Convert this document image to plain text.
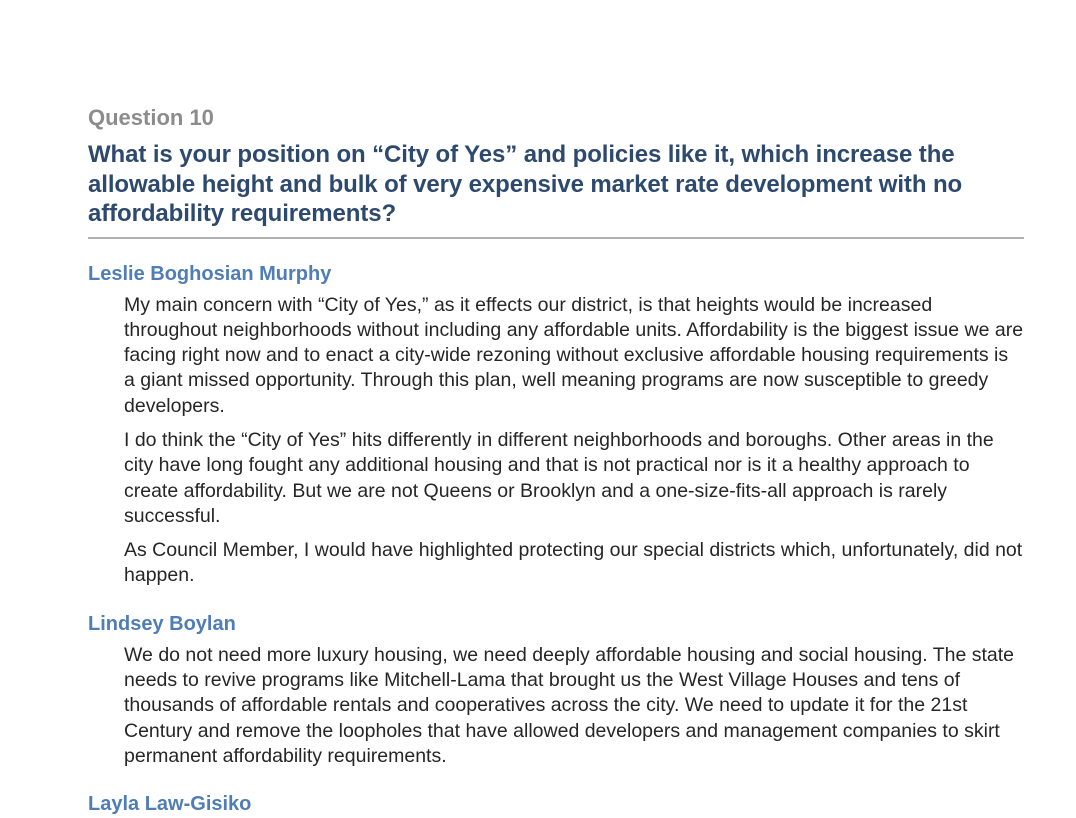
Question 10
What is your position on “City of Yes” and policies like it, which increase the allowable height and bulk of very expensive market rate development with no affordability requirements?
Leslie Boghosian Murphy

My main concern with “City of Yes,” as it effects our district, is that heights would be increased throughout neighborhoods without including any affordable units. Affordability is the biggest issue we are facing right now and to enact a city-wide rezoning without exclusive affordable housing requirements is a giant missed opportunity. Through this plan, well meaning programs are now susceptible to greedy developers.

I do think the “City of Yes” hits differently in different neighborhoods and boroughs. Other areas in the city have long fought any additional housing and that is not practical nor is it a healthy approach to create affordability. But we are not Queens or Brooklyn and a one-size-fits-all approach is rarely successful.

As Council Member, I would have highlighted protecting our special districts which, unfortunately, did not happen.

Lindsey Boylan

We do not need more luxury housing, we need deeply affordable housing and social housing. The state needs to revive programs like Mitchell-Lama that brought us the West Village Houses and tens of thousands of affordable rentals and cooperatives across the city. We need to update it for the 21st Century and remove the loopholes that have allowed developers and management companies to skirt permanent affordability requirements.

Layla Law-Gisiko
